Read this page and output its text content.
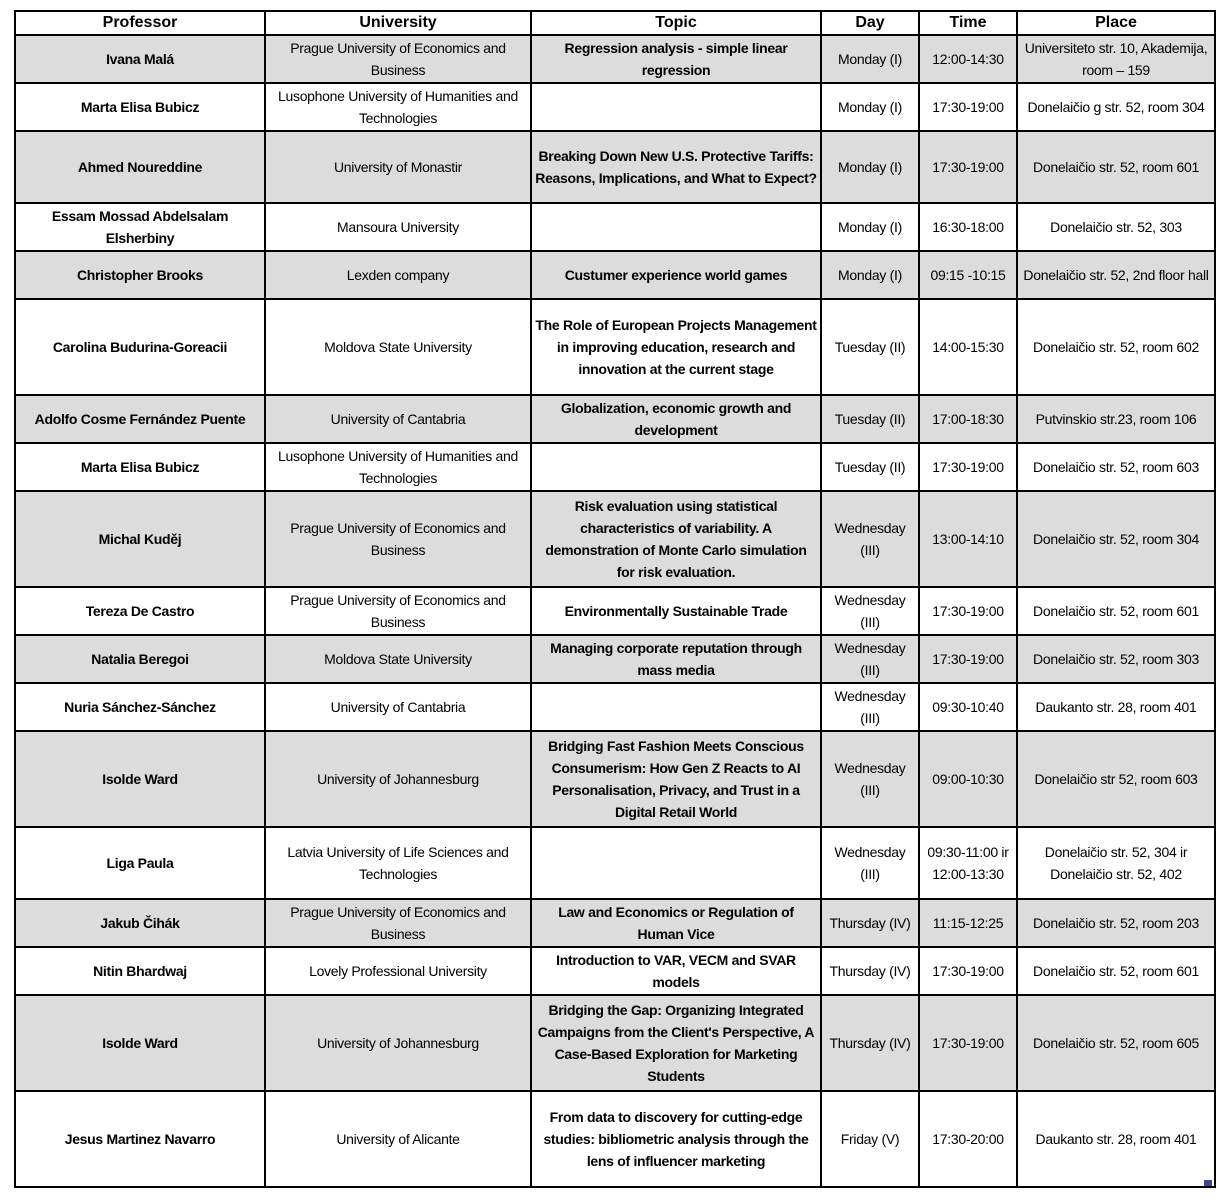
Professor	University	Topic	Day	Time	Place
Ivana Malá	Prague University of Economics and Business	Regression analysis - simple linear regression	Monday (I)	12:00-14:30	Universiteto str. 10, Akademija, room – 159
Marta Elisa Bubicz	Lusophone University of Humanities and Technologies		Monday (I)	17:30-19:00	Donelaičio g str. 52, room 304
Ahmed Noureddine	University of Monastir	Breaking Down New U.S. Protective Tariffs: Reasons, Implications, and What to Expect?	Monday (I)	17:30-19:00	Donelaičio str. 52, room 601
Essam Mossad Abdelsalam Elsherbiny	Mansoura University		Monday (I)	16:30-18:00	Donelaičio str. 52, 303
Christopher Brooks	Lexden company	Custumer experience world games	Monday (I)	09:15 -10:15	Donelaičio str. 52, 2nd floor hall
Carolina Budurina-Goreacii	Moldova State University	The Role of European Projects Management in improving education, research and innovation at the current stage	Tuesday (II)	14:00-15:30	Donelaičio str. 52, room 602
Adolfo Cosme Fernández Puente	University of Cantabria	Globalization, economic growth and development	Tuesday (II)	17:00-18:30	Putvinskio str.23, room 106
Marta Elisa Bubicz	Lusophone University of Humanities and Technologies		Tuesday (II)	17:30-19:00	Donelaičio str. 52, room 603
Michal Kuděj	Prague University of Economics and Business	Risk evaluation using statistical characteristics of variability. A demonstration of Monte Carlo simulation for risk evaluation.	Wednesday (III)	13:00-14:10	Donelaičio str. 52, room 304
Tereza De Castro	Prague University of Economics and Business	Environmentally Sustainable Trade	Wednesday (III)	17:30-19:00	Donelaičio str. 52, room 601
Natalia Beregoi	Moldova State University	Managing corporate reputation through mass media	Wednesday (III)	17:30-19:00	Donelaičio str. 52, room 303
Nuria Sánchez-Sánchez	University of Cantabria		Wednesday (III)	09:30-10:40	Daukanto str. 28, room 401
Isolde Ward	University of Johannesburg	Bridging Fast Fashion Meets Conscious Consumerism: How Gen Z Reacts to AI Personalisation, Privacy, and Trust in a Digital Retail World	Wednesday (III)	09:00-10:30	Donelaičio str 52, room 603
Liga Paula	Latvia University of Life Sciences and Technologies		Wednesday (III)	09:30-11:00 ir 12:00-13:30	Donelaičio str. 52, 304 ir Donelaičio str. 52, 402
Jakub Čihák	Prague University of Economics and Business	Law and Economics or Regulation of Human Vice	Thursday (IV)	11:15-12:25	Donelaičio str. 52, room 203
Nitin Bhardwaj	Lovely Professional University	Introduction to VAR, VECM and SVAR models	Thursday (IV)	17:30-19:00	Donelaičio str. 52, room 601
Isolde Ward	University of Johannesburg	Bridging the Gap: Organizing Integrated Campaigns from the Client's Perspective, A Case-Based Exploration for Marketing Students	Thursday (IV)	17:30-19:00	Donelaičio str. 52, room 605
Jesus Martinez Navarro	University of Alicante	From data to discovery for cutting-edge studies: bibliometric analysis through the lens of influencer marketing	Friday (V)	17:30-20:00	Daukanto str. 28, room 401
